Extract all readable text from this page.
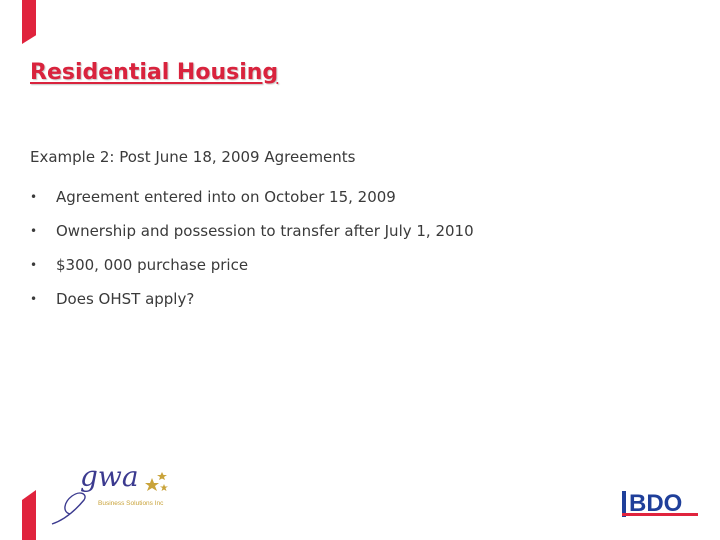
Residential Housing
Example 2: Post June 18, 2009 Agreements
•	Agreement entered into on October 15, 2009
•	Ownership and possession to transfer after July 1, 2010
•	$300, 000 purchase price
•	Does OHST apply?
gwa
Business Solutions Inc	BDO
